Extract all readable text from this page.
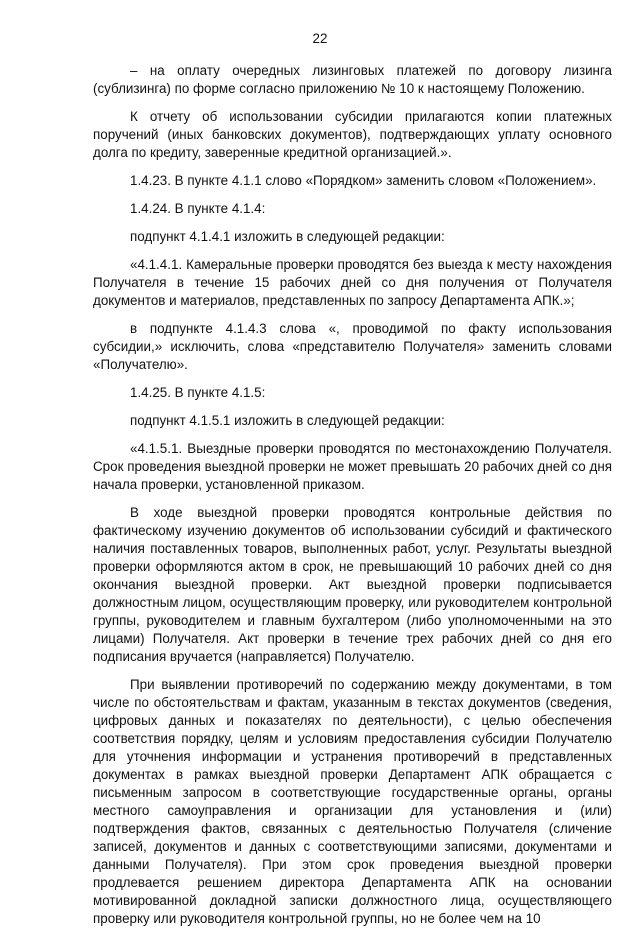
22

– на оплату очередных лизинговых платежей по договору лизинга (сублизинга) по форме согласно приложению № 10 к настоящему Положению.

К отчету об использовании субсидии прилагаются копии платежных поручений (иных банковских документов), подтверждающих уплату основного долга по кредиту, заверенные кредитной организацией.».

1.4.23. В пункте 4.1.1 слово «Порядком» заменить словом «Положением».

1.4.24. В пункте 4.1.4:

подпункт 4.1.4.1 изложить в следующей редакции:

«4.1.4.1. Камеральные проверки проводятся без выезда к месту нахождения Получателя в течение 15 рабочих дней со дня получения от Получателя документов и материалов, представленных по запросу Департамента АПК.»;

в подпункте 4.1.4.3 слова «, проводимой по факту использования субсидии,» исключить, слова «представителю Получателя» заменить словами «Получателю».

1.4.25. В пункте 4.1.5:

подпункт 4.1.5.1 изложить в следующей редакции:

«4.1.5.1. Выездные проверки проводятся по местонахождению Получателя. Срок проведения выездной проверки не может превышать 20 рабочих дней со дня начала проверки, установленной приказом.

В ходе выездной проверки проводятся контрольные действия по фактическому изучению документов об использовании субсидий и фактического наличия поставленных товаров, выполненных работ, услуг. Результаты выездной проверки оформляются актом в срок, не превышающий 10 рабочих дней со дня окончания выездной проверки. Акт выездной проверки подписывается должностным лицом, осуществляющим проверку, или руководителем контрольной группы, руководителем и главным бухгалтером (либо уполномоченными на это лицами) Получателя. Акт проверки в течение трех рабочих дней со дня его подписания вручается (направляется) Получателю.

При выявлении противоречий по содержанию между документами, в том числе по обстоятельствам и фактам, указанным в текстах документов (сведения, цифровых данных и показателях по деятельности), с целью обеспечения соответствия порядку, целям и условиям предоставления субсидии Получателю для уточнения информации и устранения противоречий в представленных документах в рамках выездной проверки Департамент АПК обращается с письменным запросом в соответствующие государственные органы, органы местного самоуправления и организации для установления и (или) подтверждения фактов, связанных с деятельностью Получателя (сличение записей, документов и данных с соответствующими записями, документами и данными Получателя). При этом срок проведения выездной проверки продлевается решением директора Департамента АПК на основании мотивированной докладной записки должностного лица, осуществляющего проверку или руководителя контрольной группы, но не более чем на 10
